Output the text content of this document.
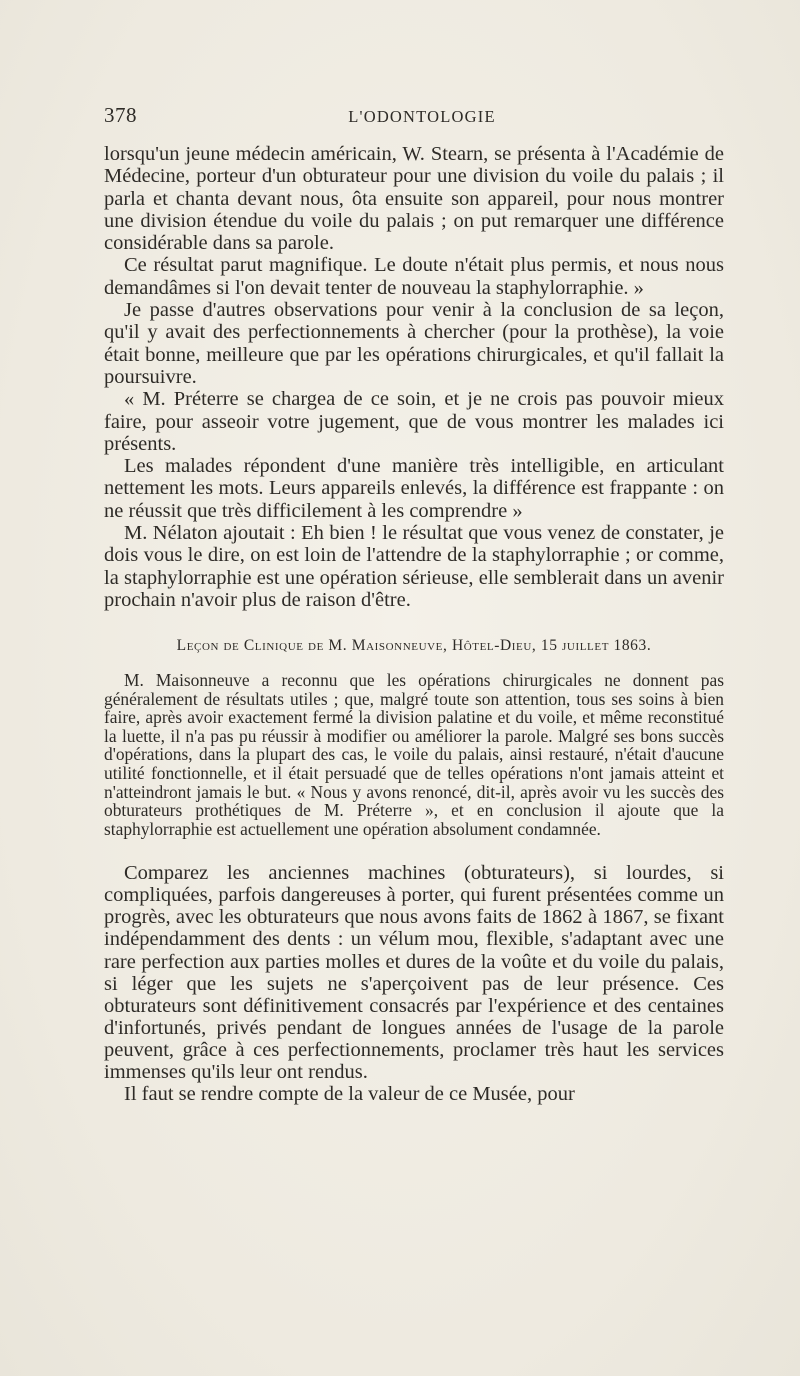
378	L'ODONTOLOGIE

lorsqu'un jeune médecin américain, W. Stearn, se présenta à l'Académie de Médecine, porteur d'un obturateur pour une division du voile du palais ; il parla et chanta devant nous, ôta ensuite son appareil, pour nous montrer une division étendue du voile du palais ; on put remarquer une différence considérable dans sa parole.

Ce résultat parut magnifique. Le doute n'était plus permis, et nous nous demandâmes si l'on devait tenter de nouveau la staphylorraphie. »

Je passe d'autres observations pour venir à la conclusion de sa leçon, qu'il y avait des perfectionnements à chercher (pour la prothèse), la voie était bonne, meilleure que par les opérations chirurgicales, et qu'il fallait la poursuivre.

« M. Préterre se chargea de ce soin, et je ne crois pas pouvoir mieux faire, pour asseoir votre jugement, que de vous montrer les malades ici présents.

Les malades répondent d'une manière très intelligible, en articulant nettement les mots. Leurs appareils enlevés, la différence est frappante : on ne réussit que très difficilement à les comprendre »

M. Nélaton ajoutait : Eh bien ! le résultat que vous venez de constater, je dois vous le dire, on est loin de l'attendre de la staphylorraphie ; or comme, la staphylorraphie est une opération sérieuse, elle semblerait dans un avenir prochain n'avoir plus de raison d'être.

Leçon de Clinique de M. Maisonneuve, Hôtel-Dieu, 15 juillet 1863.

M. Maisonneuve a reconnu que les opérations chirurgicales ne donnent pas généralement de résultats utiles ; que, malgré toute son attention, tous ses soins à bien faire, après avoir exactement fermé la division palatine et du voile, et même reconstitué la luette, il n'a pas pu réussir à modifier ou améliorer la parole. Malgré ses bons succès d'opérations, dans la plupart des cas, le voile du palais, ainsi restauré, n'était d'aucune utilité fonctionnelle, et il était persuadé que de telles opérations n'ont jamais atteint et n'atteindront jamais le but. « Nous y avons renoncé, dit-il, après avoir vu les succès des obturateurs prothétiques de M. Préterre », et en conclusion il ajoute que la staphylorraphie est actuellement une opération absolument condamnée.

Comparez les anciennes machines (obturateurs), si lourdes, si compliquées, parfois dangereuses à porter, qui furent présentées comme un progrès, avec les obturateurs que nous avons faits de 1862 à 1867, se fixant indépendamment des dents : un vélum mou, flexible, s'adaptant avec une rare perfection aux parties molles et dures de la voûte et du voile du palais, si léger que les sujets ne s'aperçoivent pas de leur présence. Ces obturateurs sont définitivement consacrés par l'expérience et des centaines d'infortunés, privés pendant de longues années de l'usage de la parole peuvent, grâce à ces perfectionnements, proclamer très haut les services immenses qu'ils leur ont rendus.

Il faut se rendre compte de la valeur de ce Musée, pour
